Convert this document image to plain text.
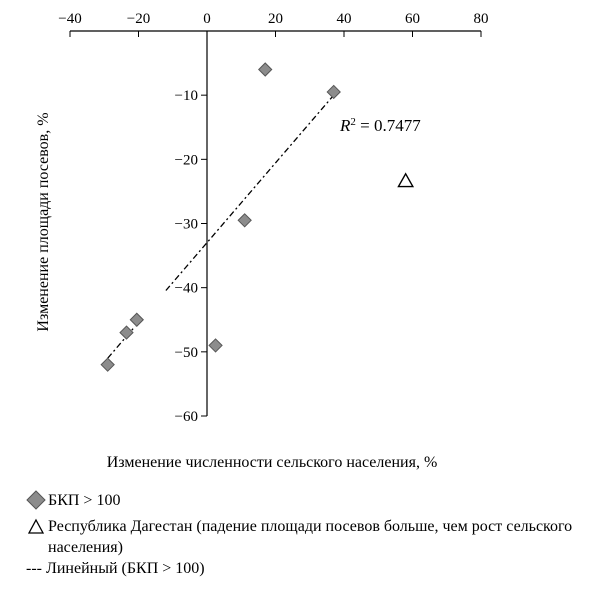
−40	−20	0	20	40	60	80
−10
−20
−30
−40
−50
−60
$R^2 = 0.7477$
Изменение численности сельского населения, %
Изменение площади посевов, %
БКП > 100
Республика Дагестан (падение площади посевов больше, чем рост сельского населения)
--- Линейный (БКП > 100)
